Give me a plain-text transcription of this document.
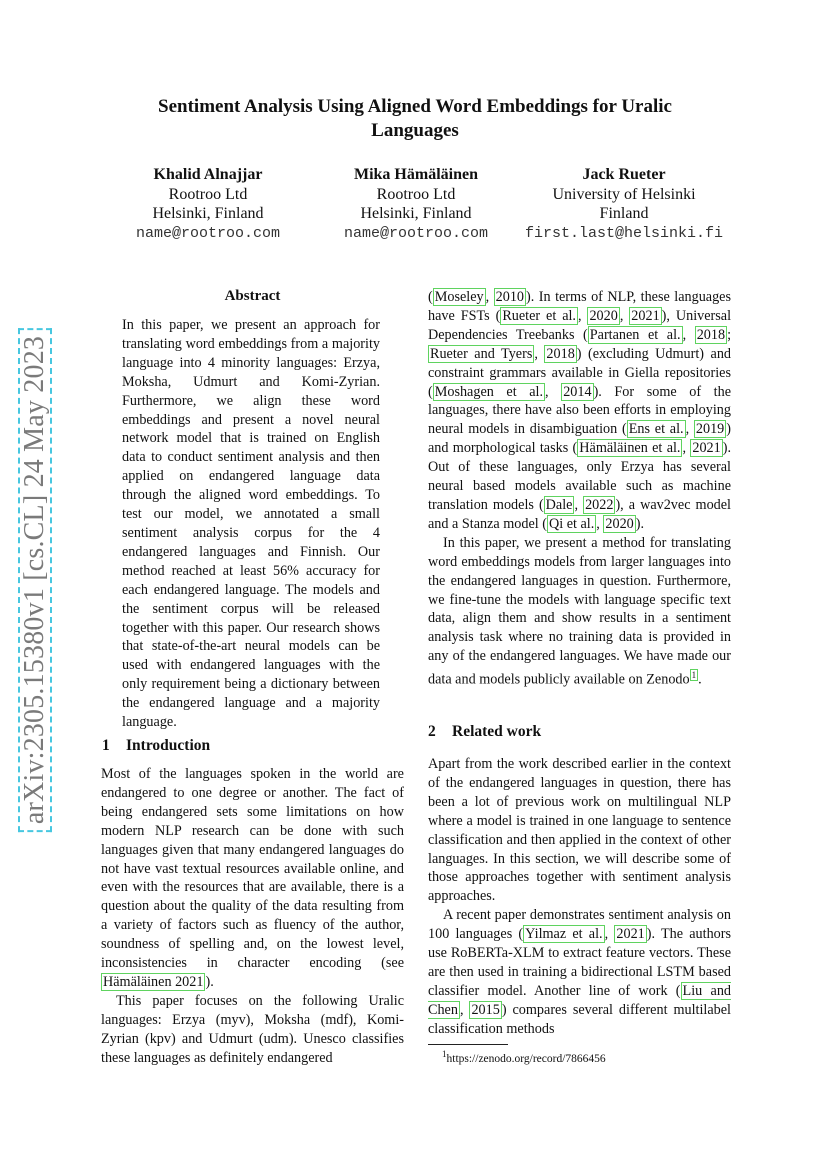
arXiv:2305.15380v1 [cs.CL] 24 May 2023
Sentiment Analysis Using Aligned Word Embeddings for Uralic Languages
Khalid Alnajjar
Rootroo Ltd
Helsinki, Finland
name@rootroo.com
Mika Hämäläinen
Rootroo Ltd
Helsinki, Finland
name@rootroo.com
Jack Rueter
University of Helsinki
Finland
first.last@helsinki.fi
Abstract

In this paper, we present an approach for translating word embeddings from a majority language into 4 minority languages: Erzya, Moksha, Udmurt and Komi-Zyrian. Furthermore, we align these word embeddings and present a novel neural network model that is trained on English data to conduct sentiment analysis and then applied on endangered language data through the aligned word embeddings. To test our model, we annotated a small sentiment analysis corpus for the 4 endangered languages and Finnish. Our method reached at least 56% accuracy for each endangered language. The models and the sentiment corpus will be released together with this paper. Our research shows that state-of-the-art neural models can be used with endangered languages with the only requirement being a dictionary between the endangered language and a majority language.

1 Introduction

Most of the languages spoken in the world are endangered to one degree or another. The fact of being endangered sets some limitations on how modern NLP research can be done with such languages given that many endangered languages do not have vast textual resources available online, and even with the resources that are available, there is a question about the quality of the data resulting from a variety of factors such as fluency of the author, soundness of spelling and, on the lowest level, inconsistencies in character encoding (see Hämäläinen 2021 ).

This paper focuses on the following Uralic languages: Erzya (myv), Moksha (mdf), Komi-Zyrian (kpv) and Udmurt (udm). Unesco classifies these languages as definitely endangered

( Moseley , 2010 ). In terms of NLP, these languages have FSTs ( Rueter et al. , 2020 , 2021 ), Universal Dependencies Treebanks ( Partanen et al. , 2018 ; Rueter and Tyers , 2018 ) (excluding Udmurt) and constraint grammars available in Giella repositories ( Moshagen et al. , 2014 ). For some of the languages, there have also been efforts in employing neural models in disambiguation ( Ens et al. , 2019 ) and morphological tasks ( Hämäläinen et al. , 2021 ). Out of these languages, only Erzya has several neural based models available such as machine translation models ( Dale , 2022 ), a wav2vec model and a Stanza model ( Qi et al. , 2020 ).

In this paper, we present a method for translating word embeddings models from larger languages into the endangered languages in question. Furthermore, we fine-tune the models with language specific text data, align them and show results in a sentiment analysis task where no training data is provided in any of the endangered languages. We have made our data and models publicly available on Zenodo $^1$ .

2 Related work

Apart from the work described earlier in the context of the endangered languages in question, there has been a lot of previous work on multilingual NLP where a model is trained in one language to sentence classification and then applied in the context of other languages. In this section, we will describe some of those approaches together with sentiment analysis approaches.

A recent paper demonstrates sentiment analysis on 100 languages ( Yilmaz et al. , 2021 ). The authors use RoBERTa-XLM to extract feature vectors. These are then used in training a bidirectional LSTM based classifier model. Another line of work ( Liu and Chen , 2015 ) compares several different multilabel classification methods

$^1$https://zenodo.org/record/7866456
